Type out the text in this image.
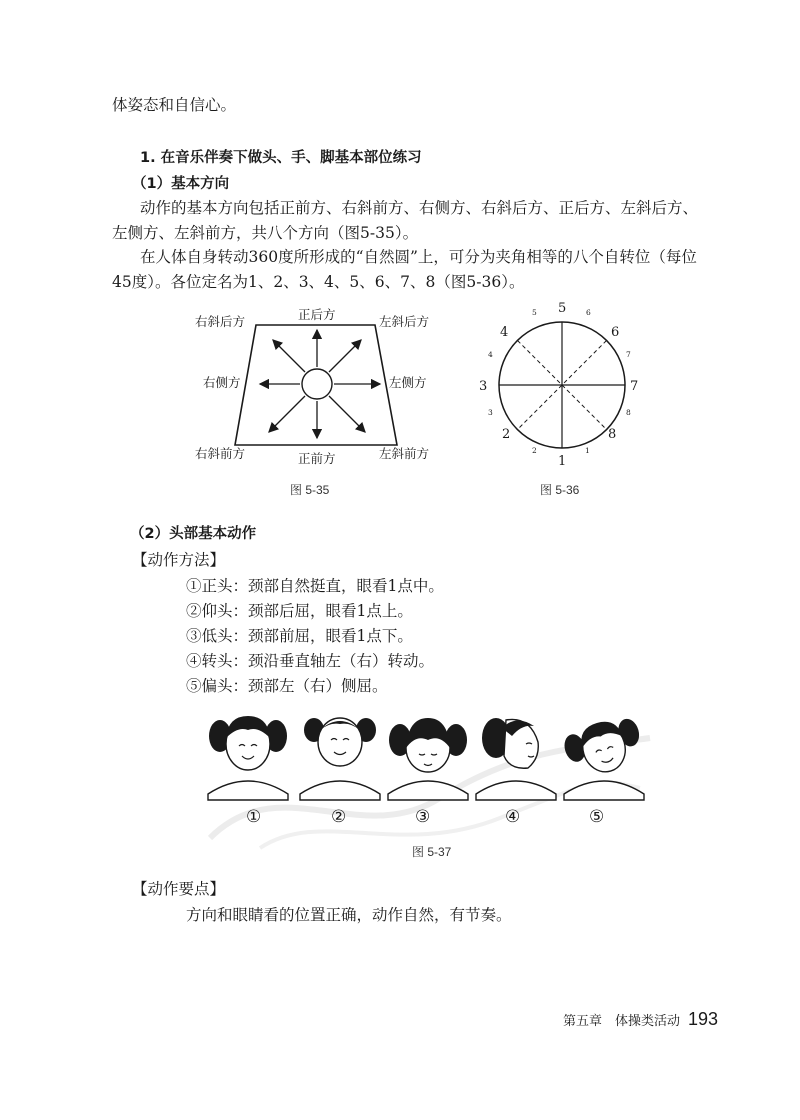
体姿态和自信心。

1. 在音乐伴奏下做头、手、脚基本部位练习

（1）基本方向

动作的基本方向包括正前方、右斜前方、右侧方、右斜后方、正后方、左斜后方、

左侧方、左斜前方，共八个方向（图5-35）。

在人体自身转动360度所形成的“自然圆”上，可分为夹角相等的八个自转位（每位

45度）。各位定名为1、2、3、4、5、6、7、8（图5-36）。

正后方
右斜后方	左斜后方
右侧方	左侧方
正前方
右斜前方	左斜前方
图 5-35
1
2
3
4
5
6
7
8
1
2
3
4
5	6
7
8
图 5-36

（2）头部基本动作

【动作方法】

①正头：颈部自然挺直，眼看1点中。
②仰头：颈部后屈，眼看1点上。
③低头：颈部前屈，眼看1点下。
④转头：颈沿垂直轴左（右）转动。
⑤偏头：颈部左（右）侧屈。
①	②	③	④	⑤
图 5-37

【动作要点】

方向和眼睛看的位置正确，动作自然，有节奏。

第五章　体操类活动 193
